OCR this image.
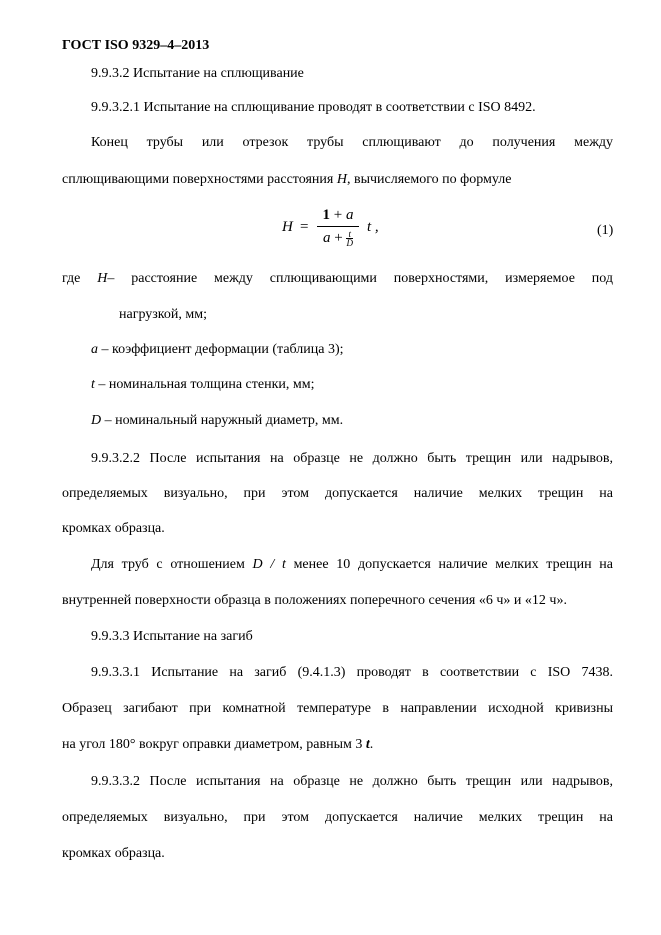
ГОСТ ISO 9329–4–2013
9.9.3.2 Испытание на сплющивание
9.9.3.2.1 Испытание на сплющивание проводят в соответствии с ISO 8492.
Конец трубы или отрезок трубы сплющивают до получения между
сплющивающими поверхностями расстояния H, вычисляемого по формуле
H =
1 + a
$a + \frac{t}{D}$
t ,	(1)
где H– расстояние между сплющивающими поверхностями, измеряемое под
нагрузкой, мм;
a – коэффициент деформации (таблица 3);
t – номинальная толщина стенки, мм;
D – номинальный наружный диаметр, мм.
9.9.3.2.2 После испытания на образце не должно быть трещин или надрывов,
определяемых визуально, при этом допускается наличие мелких трещин на
кромках образца.
Для труб с отношением D / t менее 10 допускается наличие мелких трещин на
внутренней поверхности образца в положениях поперечного сечения «6 ч» и «12 ч».
9.9.3.3 Испытание на загиб
9.9.3.3.1 Испытание на загиб (9.4.1.3) проводят в соответствии с ISO 7438.
Образец загибают при комнатной температуре в направлении исходной кривизны
на угол 180° вокруг оправки диаметром, равным 3 t.
9.9.3.3.2 После испытания на образце не должно быть трещин или надрывов,
определяемых визуально, при этом допускается наличие мелких трещин на
кромках образца.
